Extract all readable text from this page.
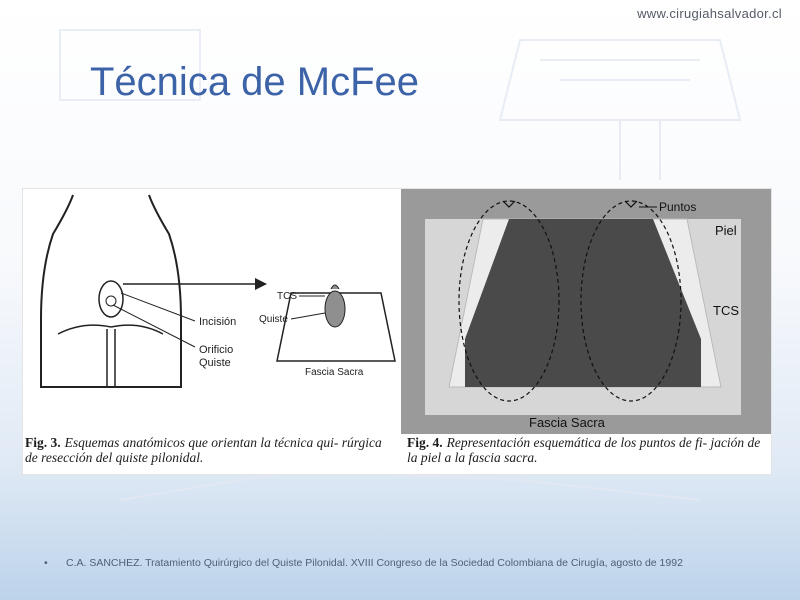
www.cirugiahsalvador.cl
Técnica de McFee
Incisión
Orificio
Quiste
TCS
Quiste
Fascia Sacra
Fig. 3. Esquemas anatómicos que orientan la técnica qui- rúrgica de resección del quiste pilonidal.
Puntos
Piel
TCS
Fascia Sacra
Fig. 4. Representación esquemática de los puntos de fi- jación de la piel a la fascia sacra.
• C.A. SANCHEZ. Tratamiento Quirúrgico del Quiste Pilonidal. XVIII Congreso de la Sociedad Colombiana de Cirugía, agosto de 1992
